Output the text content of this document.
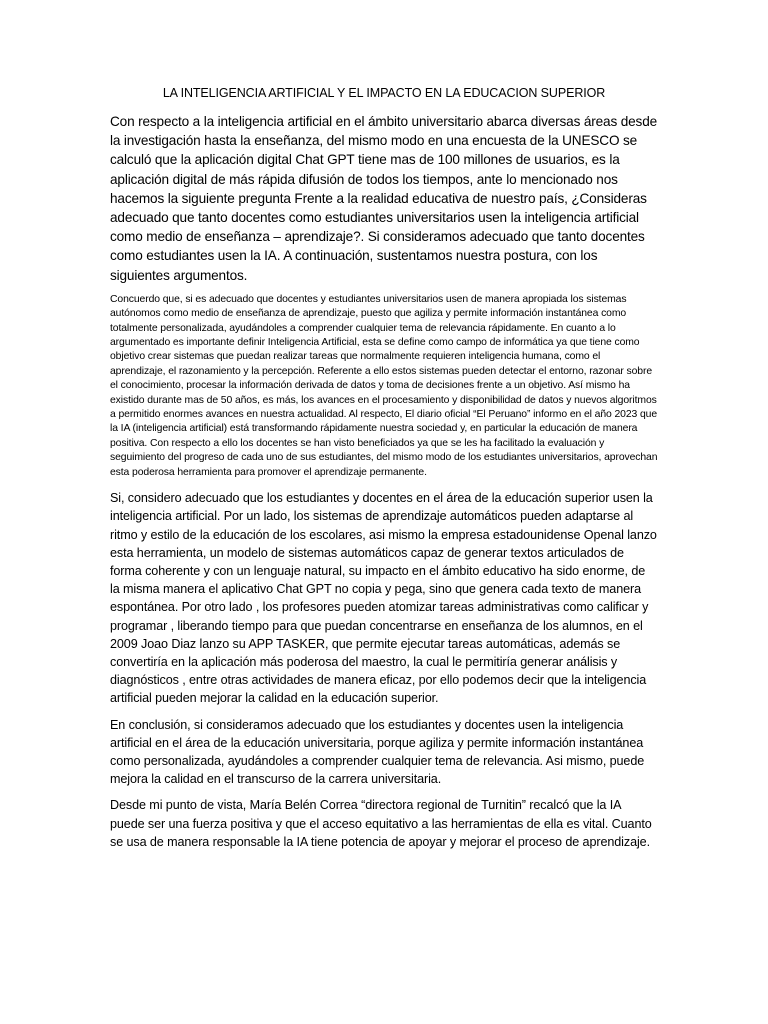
LA INTELIGENCIA ARTIFICIAL Y EL IMPACTO EN LA EDUCACION SUPERIOR

Con respecto a la inteligencia artificial en el ámbito universitario abarca diversas áreas desde la investigación hasta la enseñanza, del mismo modo en una encuesta de la UNESCO se calculó que la aplicación digital Chat GPT tiene mas de 100 millones de usuarios, es la aplicación digital de más rápida difusión de todos los tiempos, ante lo mencionado nos hacemos la siguiente pregunta Frente a la realidad educativa de nuestro país, ¿Consideras adecuado que tanto docentes como estudiantes universitarios usen la inteligencia artificial como medio de enseñanza – aprendizaje?. Si consideramos adecuado que tanto docentes como estudiantes usen la IA. A continuación, sustentamos nuestra postura, con los siguientes argumentos.

Concuerdo que, si es adecuado que docentes y estudiantes universitarios usen de manera apropiada los sistemas autónomos como medio de enseñanza de aprendizaje, puesto que agiliza y permite información instantánea como totalmente personalizada, ayudándoles a comprender cualquier tema de relevancia rápidamente. En cuanto a lo argumentado es importante definir Inteligencia Artificial, esta se define como campo de informática ya que tiene como objetivo crear sistemas que puedan realizar tareas que normalmente requieren inteligencia humana, como el aprendizaje, el razonamiento y la percepción. Referente a ello estos sistemas pueden detectar el entorno, razonar sobre el conocimiento, procesar la información derivada de datos y toma de decisiones frente a un objetivo. Así mismo ha existido durante mas de 50 años, es más, los avances en el procesamiento y disponibilidad de datos y nuevos algoritmos a permitido enormes avances en nuestra actualidad. Al respecto, El diario oficial “El Peruano” informo en el año 2023 que la IA (inteligencia artificial) está transformando rápidamente nuestra sociedad y, en particular la educación de manera positiva. Con respecto a ello los docentes se han visto beneficiados ya que se les ha facilitado la evaluación y seguimiento del progreso de cada uno de sus estudiantes, del mismo modo de los estudiantes universitarios, aprovechan esta poderosa herramienta para promover el aprendizaje permanente.

Si, considero adecuado que los estudiantes y docentes en el área de la educación superior usen la inteligencia artificial. Por un lado, los sistemas de aprendizaje automáticos pueden adaptarse al ritmo y estilo de la educación de los escolares, asi mismo la empresa estadounidense Openal lanzo esta herramienta, un modelo de sistemas automáticos capaz de generar textos articulados de forma coherente y con un lenguaje natural, su impacto en el ámbito educativo ha sido enorme, de la misma manera el aplicativo Chat GPT no copia y pega, sino que genera cada texto de manera espontánea. Por otro lado , los profesores pueden atomizar tareas administrativas como calificar y programar , liberando tiempo para que puedan concentrarse en enseñanza de los alumnos, en el 2009 Joao Diaz lanzo su APP TASKER, que permite ejecutar tareas automáticas, además se convertiría en la aplicación más poderosa del maestro, la cual le permitiría generar análisis y diagnósticos , entre otras actividades de manera eficaz, por ello podemos decir que la inteligencia artificial pueden mejorar la calidad en la educación superior.

En conclusión, si consideramos adecuado que los estudiantes y docentes usen la inteligencia artificial en el área de la educación universitaria, porque agiliza y permite información instantánea como personalizada, ayudándoles a comprender cualquier tema de relevancia. Asi mismo, puede mejora la calidad en el transcurso de la carrera universitaria.

Desde mi punto de vista, María Belén Correa “directora regional de Turnitin” recalcó que la IA puede ser una fuerza positiva y que el acceso equitativo a las herramientas de ella es vital. Cuanto se usa de manera responsable la IA tiene potencia de apoyar y mejorar el proceso de aprendizaje.
